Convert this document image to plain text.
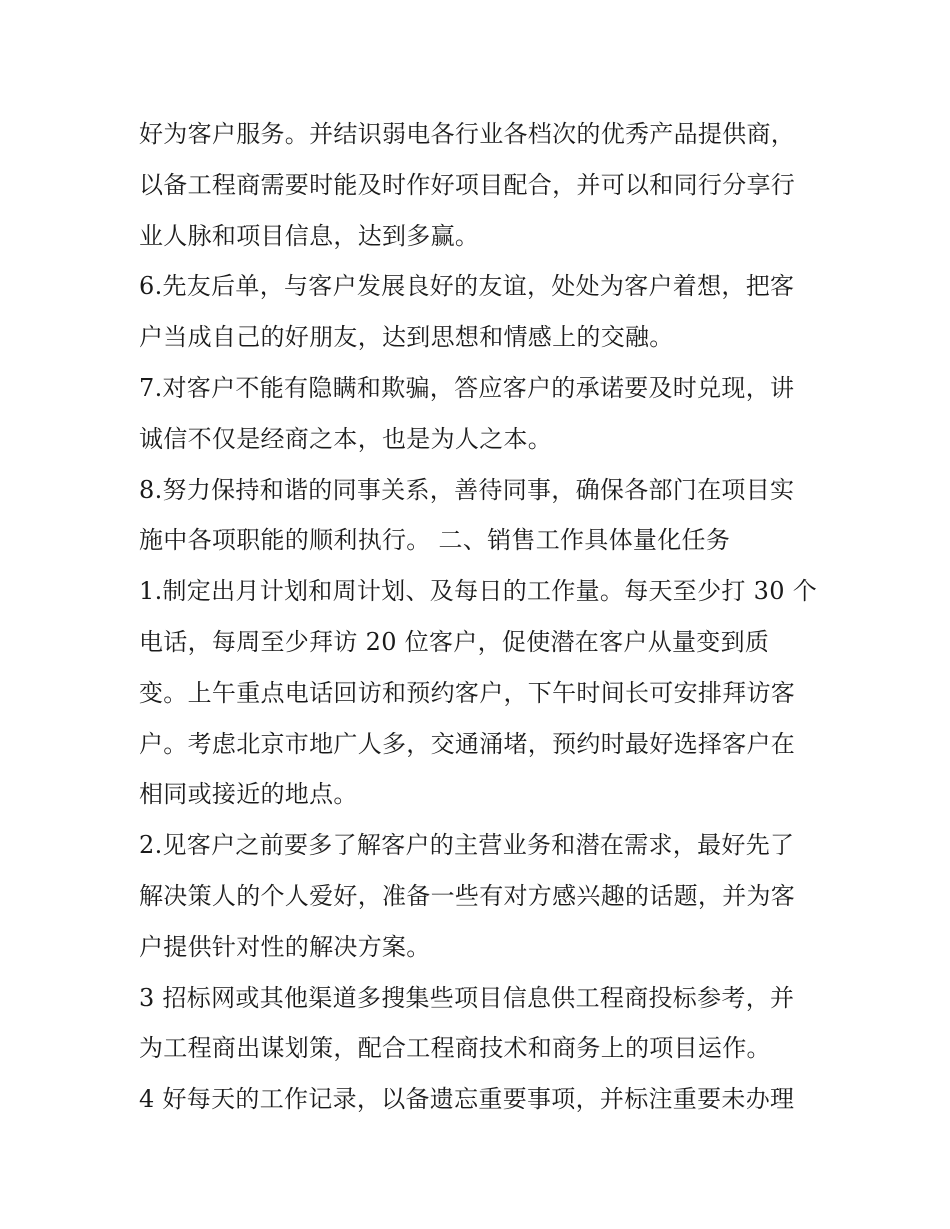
好为客户服务。并结识弱电各行业各档次的优秀产品提供商，
以备工程商需要时能及时作好项目配合，并可以和同行分享行
业人脉和项目信息，达到多赢。
6.先友后单，与客户发展良好的友谊，处处为客户着想，把客
户当成自己的好朋友，达到思想和情感上的交融。
7.对客户不能有隐瞒和欺骗，答应客户的承诺要及时兑现，讲
诚信不仅是经商之本，也是为人之本。
8.努力保持和谐的同事关系，善待同事，确保各部门在项目实
施中各项职能的顺利执行。 二、销售工作具体量化任务
1.制定出月计划和周计划、及每日的工作量。每天至少打 30 个
电话，每周至少拜访 20 位客户，促使潜在客户从量变到质
变。上午重点电话回访和预约客户，下午时间长可安排拜访客
户。考虑北京市地广人多，交通涌堵，预约时最好选择客户在
相同或接近的地点。
2.见客户之前要多了解客户的主营业务和潜在需求，最好先了
解决策人的个人爱好，准备一些有对方感兴趣的话题，并为客
户提供针对性的解决方案。
3 招标网或其他渠道多搜集些项目信息供工程商投标参考，并
为工程商出谋划策，配合工程商技术和商务上的项目运作。
4 好每天的工作记录，以备遗忘重要事项，并标注重要未办理
